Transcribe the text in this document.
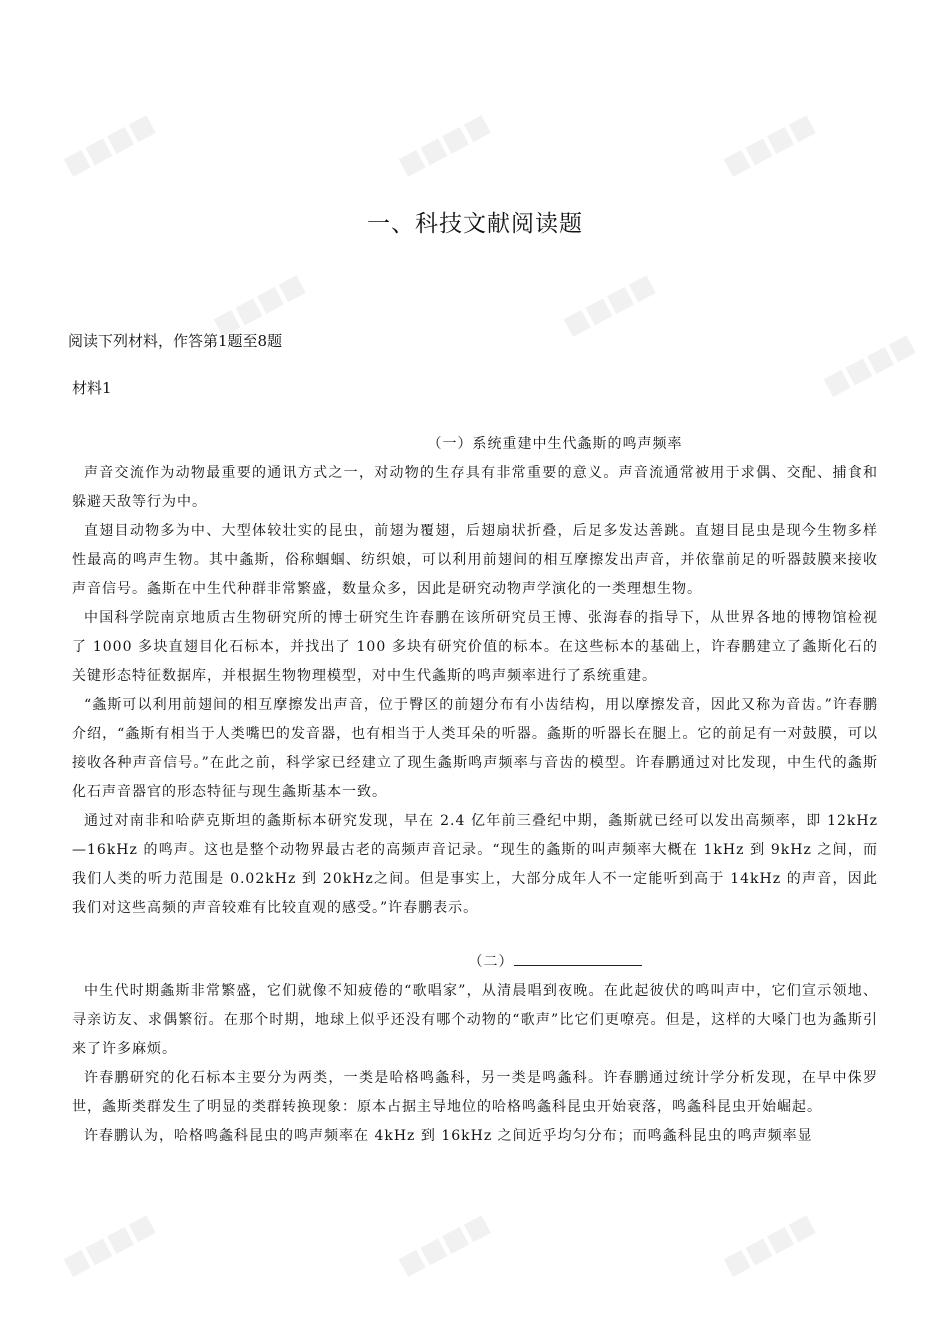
■■■■	■■■■	■■■■
■■■■	■■■■
■■■■
■■■■	■■■■	■■■■
一、科技文献阅读题
阅读下列材料，作答第1题至8题
材料1

（一）系统重建中生代螽斯的鸣声频率

声音交流作为动物最重要的通讯方式之一，对动物的生存具有非常重要的意义。声音流通常被用于求偶、交配、捕食和躲避天敌等行为中。

直翅目动物多为中、大型体较壮实的昆虫，前翅为覆翅，后翅扇状折叠，后足多发达善跳。直翅目昆虫是现今生物多样性最高的鸣声生物。其中螽斯，俗称蝈蝈、纺织娘，可以利用前翅间的相互摩擦发出声音，并依靠前足的听器鼓膜来接收声音信号。螽斯在中生代种群非常繁盛，数量众多，因此是研究动物声学演化的一类理想生物。

中国科学院南京地质古生物研究所的博士研究生许春鹏在该所研究员王博、张海春的指导下，从世界各地的博物馆检视了 1000 多块直翅目化石标本，并找出了 100 多块有研究价值的标本。在这些标本的基础上，许春鹏建立了螽斯化石的关键形态特征数据库，并根据生物物理模型，对中生代螽斯的鸣声频率进行了系统重建。

“螽斯可以利用前翅间的相互摩擦发出声音，位于臀区的前翅分布有小齿结构，用以摩擦发音，因此又称为音齿。”许春鹏介绍，“螽斯有相当于人类嘴巴的发音器，也有相当于人类耳朵的听器。螽斯的听器长在腿上。它的前足有一对鼓膜，可以接收各种声音信号。”在此之前，科学家已经建立了现生螽斯鸣声频率与音齿的模型。许春鹏通过对比发现，中生代的螽斯化石声音器官的形态特征与现生螽斯基本一致。

通过对南非和哈萨克斯坦的螽斯标本研究发现，早在 2.4 亿年前三叠纪中期，螽斯就已经可以发出高频率，即 12kHz—16kHz 的鸣声。这也是整个动物界最古老的高频声音记录。“现生的螽斯的叫声频率大概在 1kHz 到 9kHz 之间，而我们人类的听力范围是 0.02kHz 到 20kHz之间。但是事实上，大部分成年人不一定能听到高于 14kHz 的声音，因此我们对这些高频的声音较难有比较直观的感受。”许春鹏表示。

（二）

中生代时期螽斯非常繁盛，它们就像不知疲倦的“歌唱家”，从清晨唱到夜晚。在此起彼伏的鸣叫声中，它们宣示领地、寻亲访友、求偶繁衍。在那个时期，地球上似乎还没有哪个动物的“歌声”比它们更嘹亮。但是，这样的大嗓门也为螽斯引来了许多麻烦。

许春鹏研究的化石标本主要分为两类，一类是哈格鸣螽科，另一类是鸣螽科。许春鹏通过统计学分析发现，在早中侏罗世，螽斯类群发生了明显的类群转换现象：原本占据主导地位的哈格鸣螽科昆虫开始衰落，鸣螽科昆虫开始崛起。

许春鹏认为，哈格鸣螽科昆虫的鸣声频率在 4kHz 到 16kHz 之间近乎均匀分布；而鸣螽科昆虫的鸣声频率显
